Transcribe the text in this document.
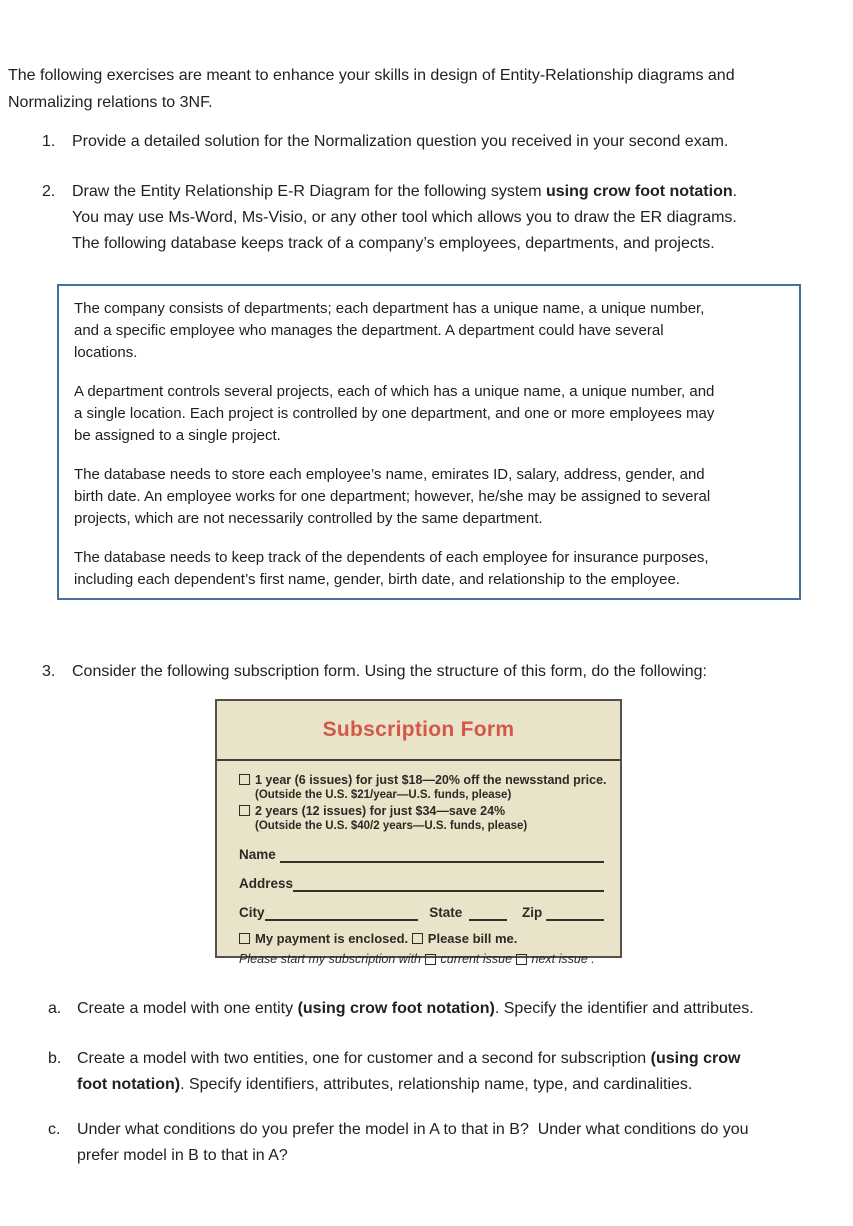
The following exercises are meant to enhance your skills in design of Entity-Relationship diagrams and
Normalizing relations to 3NF.
1.	Provide a detailed solution for the Normalization question you received in your second exam.
2.	Draw the Entity Relationship E-R Diagram for the following system using crow foot notation.
You may use Ms-Word, Ms-Visio, or any other tool which allows you to draw the ER diagrams.
The following database keeps track of a company’s employees, departments, and projects.

The company consists of departments; each department has a unique name, a unique number,
and a specific employee who manages the department. A department could have several
locations.

A department controls several projects, each of which has a unique name, a unique number, and
a single location. Each project is controlled by one department, and one or more employees may
be assigned to a single project.

The database needs to store each employee’s name, emirates ID, salary, address, gender, and
birth date. An employee works for one department; however, he/she may be assigned to several
projects, which are not necessarily controlled by the same department.

The database needs to keep track of the dependents of each employee for insurance purposes,
including each dependent’s first name, gender, birth date, and relationship to the employee.

3.	Consider the following subscription form. Using the structure of this form, do the following:
Subscription Form
1 year (6 issues) for just $18—20% off the newsstand price.
(Outside the U.S. $21/year—U.S. funds, please)
2 years (12 issues) for just $34—save 24%
(Outside the U.S. $40/2 years—U.S. funds, please)
Name
Address
City	State	Zip
My payment is enclosed. Please bill me.
Please start my subscription with current issue next issue .
a. Create a model with one entity (using crow foot notation). Specify the identifier and attributes.
b. Create a model with two entities, one for customer and a second for subscription (using crow
foot notation). Specify identifiers, attributes, relationship name, type, and cardinalities.
c.	Under what conditions do you prefer the model in A to that in B?  Under what conditions do you
prefer model in B to that in A?
